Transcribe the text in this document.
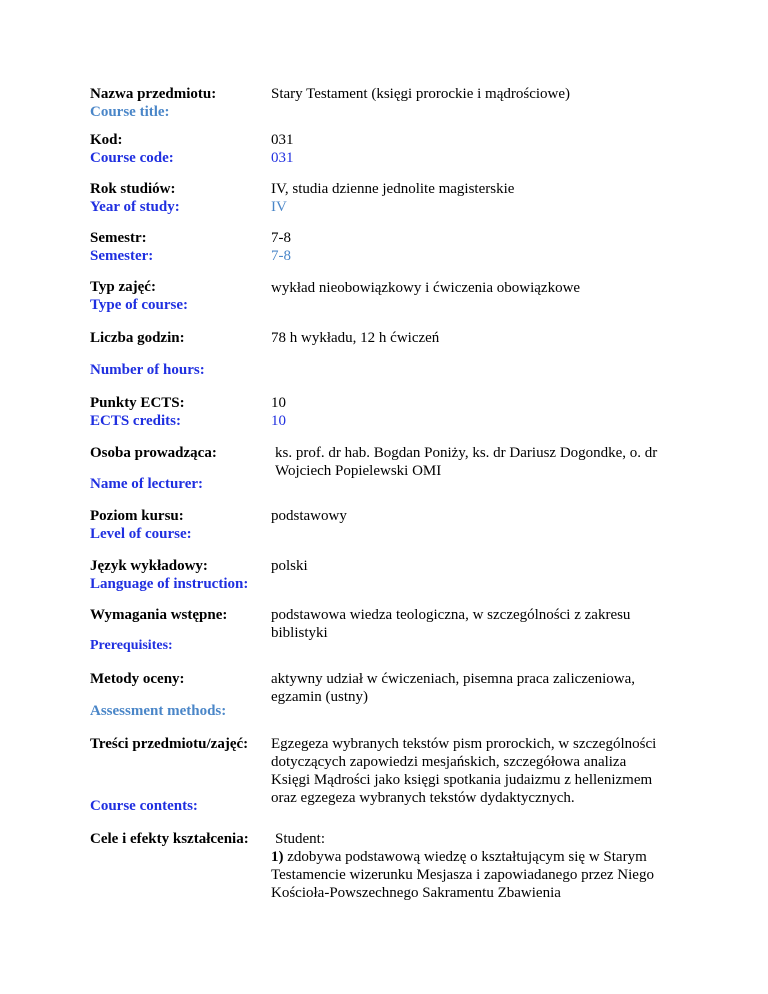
Nazwa przedmiotu:
Course title:
Stary Testament (księgi prorockie i mądrościowe)
Kod:
Course code:
031
031
Rok studiów:
Year of study:
IV, studia dzienne jednolite magisterskie
IV
Semestr:
Semester:
7-8
7-8
Typ zajęć:
Type of course:
wykład nieobowiązkowy i ćwiczenia obowiązkowe
Liczba godzin:
Number of hours:
78 h wykładu, 12 h ćwiczeń
Punkty ECTS:
ECTS credits:
10
10
Osoba prowadząca:
Name of lecturer:
ks. prof. dr hab. Bogdan Poniży, ks. dr Dariusz Dogondke, o. dr
Wojciech Popielewski OMI
Poziom kursu:
Level of course:
podstawowy
Język wykładowy:
Language of instruction:
polski
Wymagania wstępne:
Prerequisites:
podstawowa wiedza teologiczna, w szczególności z zakresu
biblistyki
Metody oceny:
Assessment methods:
aktywny udział w ćwiczeniach, pisemna praca zaliczeniowa,
egzamin (ustny)
Treści przedmiotu/zajęć:
Course contents:
Egzegeza wybranych tekstów pism prorockich, w szczególności
dotyczących zapowiedzi mesjańskich, szczegółowa analiza
Księgi Mądrości jako księgi spotkania judaizmu z hellenizmem
oraz egzegeza wybranych tekstów dydaktycznych.
Cele i efekty kształcenia: Student:
1) zdobywa podstawową wiedzę o kształtującym się w Starym
Testamencie wizerunku Mesjasza i zapowiadanego przez Niego
Kościoła-Powszechnego Sakramentu Zbawienia
